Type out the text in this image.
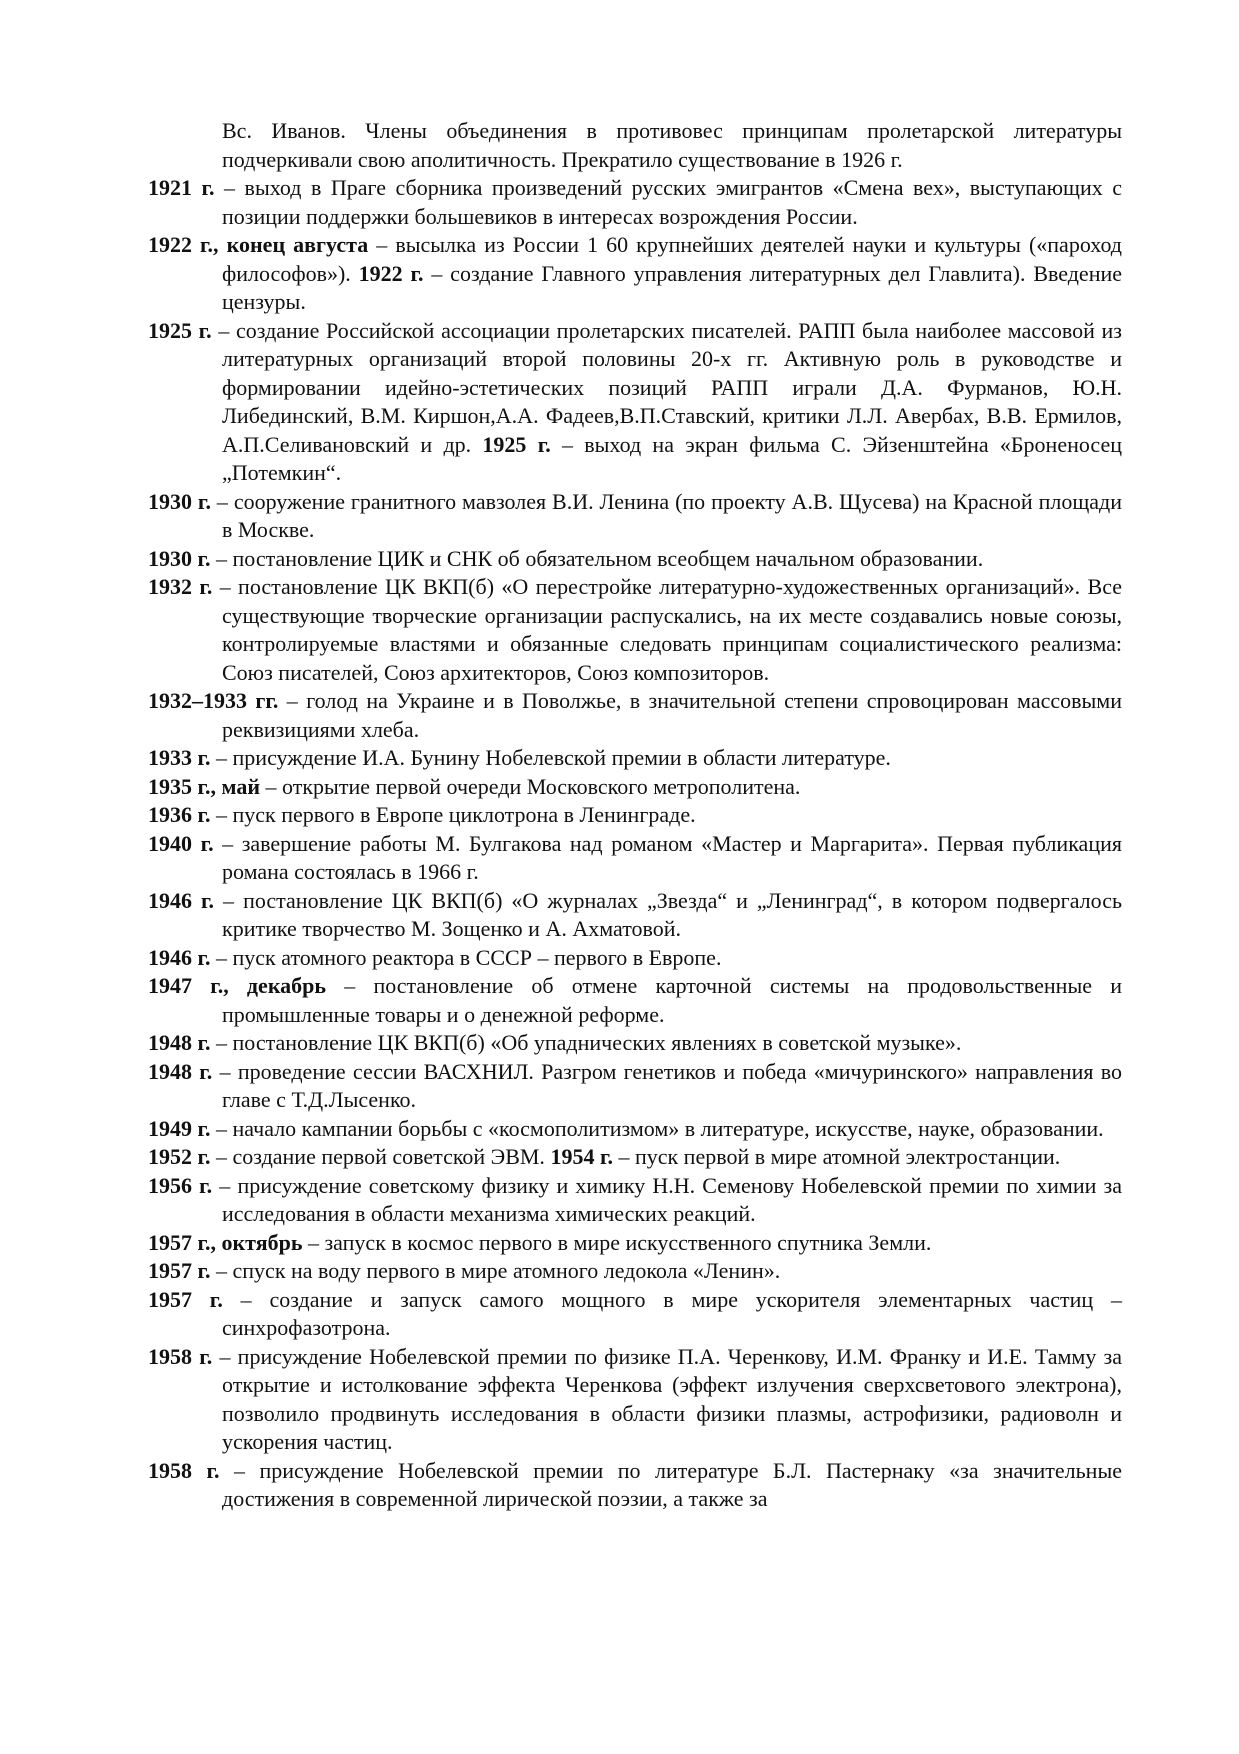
Вс. Иванов. Члены объединения в противовес принципам пролетарской литературы подчеркивали свою аполитичность. Прекратило существование в 1926 г.

1921 г. – выход в Праге сборника произведений русских эмигрантов «Смена вех», выступающих с позиции поддержки большевиков в интересах возрождения России.

1922 г., конец августа – высылка из России 1 60 крупнейших деятелей науки и культуры («пароход философов»). 1922 г. – создание Главного управления литературных дел Главлита). Введение цензуры.

1925 г. – создание Российской ассоциации пролетарских писателей. РАПП была наиболее массовой из литературных организаций второй половины 20-х гг. Активную роль в руководстве и формировании идейно-эстетических позиций РАПП играли Д.А. Фурманов, Ю.Н. Либединский, В.М. Киршон,А.А. Фадеев,В.П.Ставский, критики Л.Л. Авербах, В.В. Ермилов, А.П.Селивановский и др. 1925 г. – выход на экран фильма С. Эйзенштейна «Броненосец „Потемкин“.

1930 г. – сооружение гранитного мавзолея В.И. Ленина (по проекту А.В. Щусева) на Красной площади в Москве.

1930 г. – постановление ЦИК и СНК об обязательном всеобщем начальном образовании.

1932 г. – постановление ЦК ВКП(б) «О перестройке литературно-художественных организаций». Все существующие творческие организации распускались, на их месте создавались новые союзы, контролируемые властями и обязанные следовать принципам социалистического реализма: Союз писателей, Союз архитекторов, Союз композиторов.

1932–1933 гг. – голод на Украине и в Поволжье, в значительной степени спровоцирован массовыми реквизициями хлеба.

1933 г. – присуждение И.А. Бунину Нобелевской премии в области литературе.

1935 г., май – открытие первой очереди Московского метрополитена.

1936 г. – пуск первого в Европе циклотрона в Ленинграде.

1940 г. – завершение работы М. Булгакова над романом «Мастер и Маргарита». Первая публикация романа состоялась в 1966 г.

1946 г. – постановление ЦК ВКП(б) «О журналах „Звезда“ и „Ленинград“, в котором подвергалось критике творчество М. Зощенко и А. Ахматовой.

1946 г. – пуск атомного реактора в СССР – первого в Европе.

1947 г., декабрь – постановление об отмене карточной системы на продовольственные и промышленные товары и о денежной реформе.

1948 г. – постановление ЦК ВКП(б) «Об упаднических явлениях в советской музыке».

1948 г. – проведение сессии ВАСХНИЛ. Разгром генетиков и победа «мичуринского» направления во главе с Т.Д.Лысенко.

1949 г. – начало кампании борьбы с «космополитизмом» в литературе, искусстве, науке, образовании.

1952 г. – создание первой советской ЭВМ. 1954 г. – пуск первой в мире атомной электростанции.

1956 г. – присуждение советскому физику и химику Н.Н. Семенову Нобелевской премии по химии за исследования в области механизма химических реакций.

1957 г., октябрь – запуск в космос первого в мире искусственного спутника Земли.

1957 г. – спуск на воду первого в мире атомного ледокола «Ленин».

1957 г. – создание и запуск самого мощного в мире ускорителя элементарных частиц – синхрофазотрона.

1958 г. – присуждение Нобелевской премии по физике П.А. Черенкову, И.М. Франку и И.Е. Тамму за открытие и истолкование эффекта Черенкова (эффект излучения сверхсветового электрона), позволило продвинуть исследования в области физики плазмы, астрофизики, радиоволн и ускорения частиц.

1958 г. – присуждение Нобелевской премии по литературе Б.Л. Пастернаку «за значительные достижения в современной лирической поэзии, а также за
